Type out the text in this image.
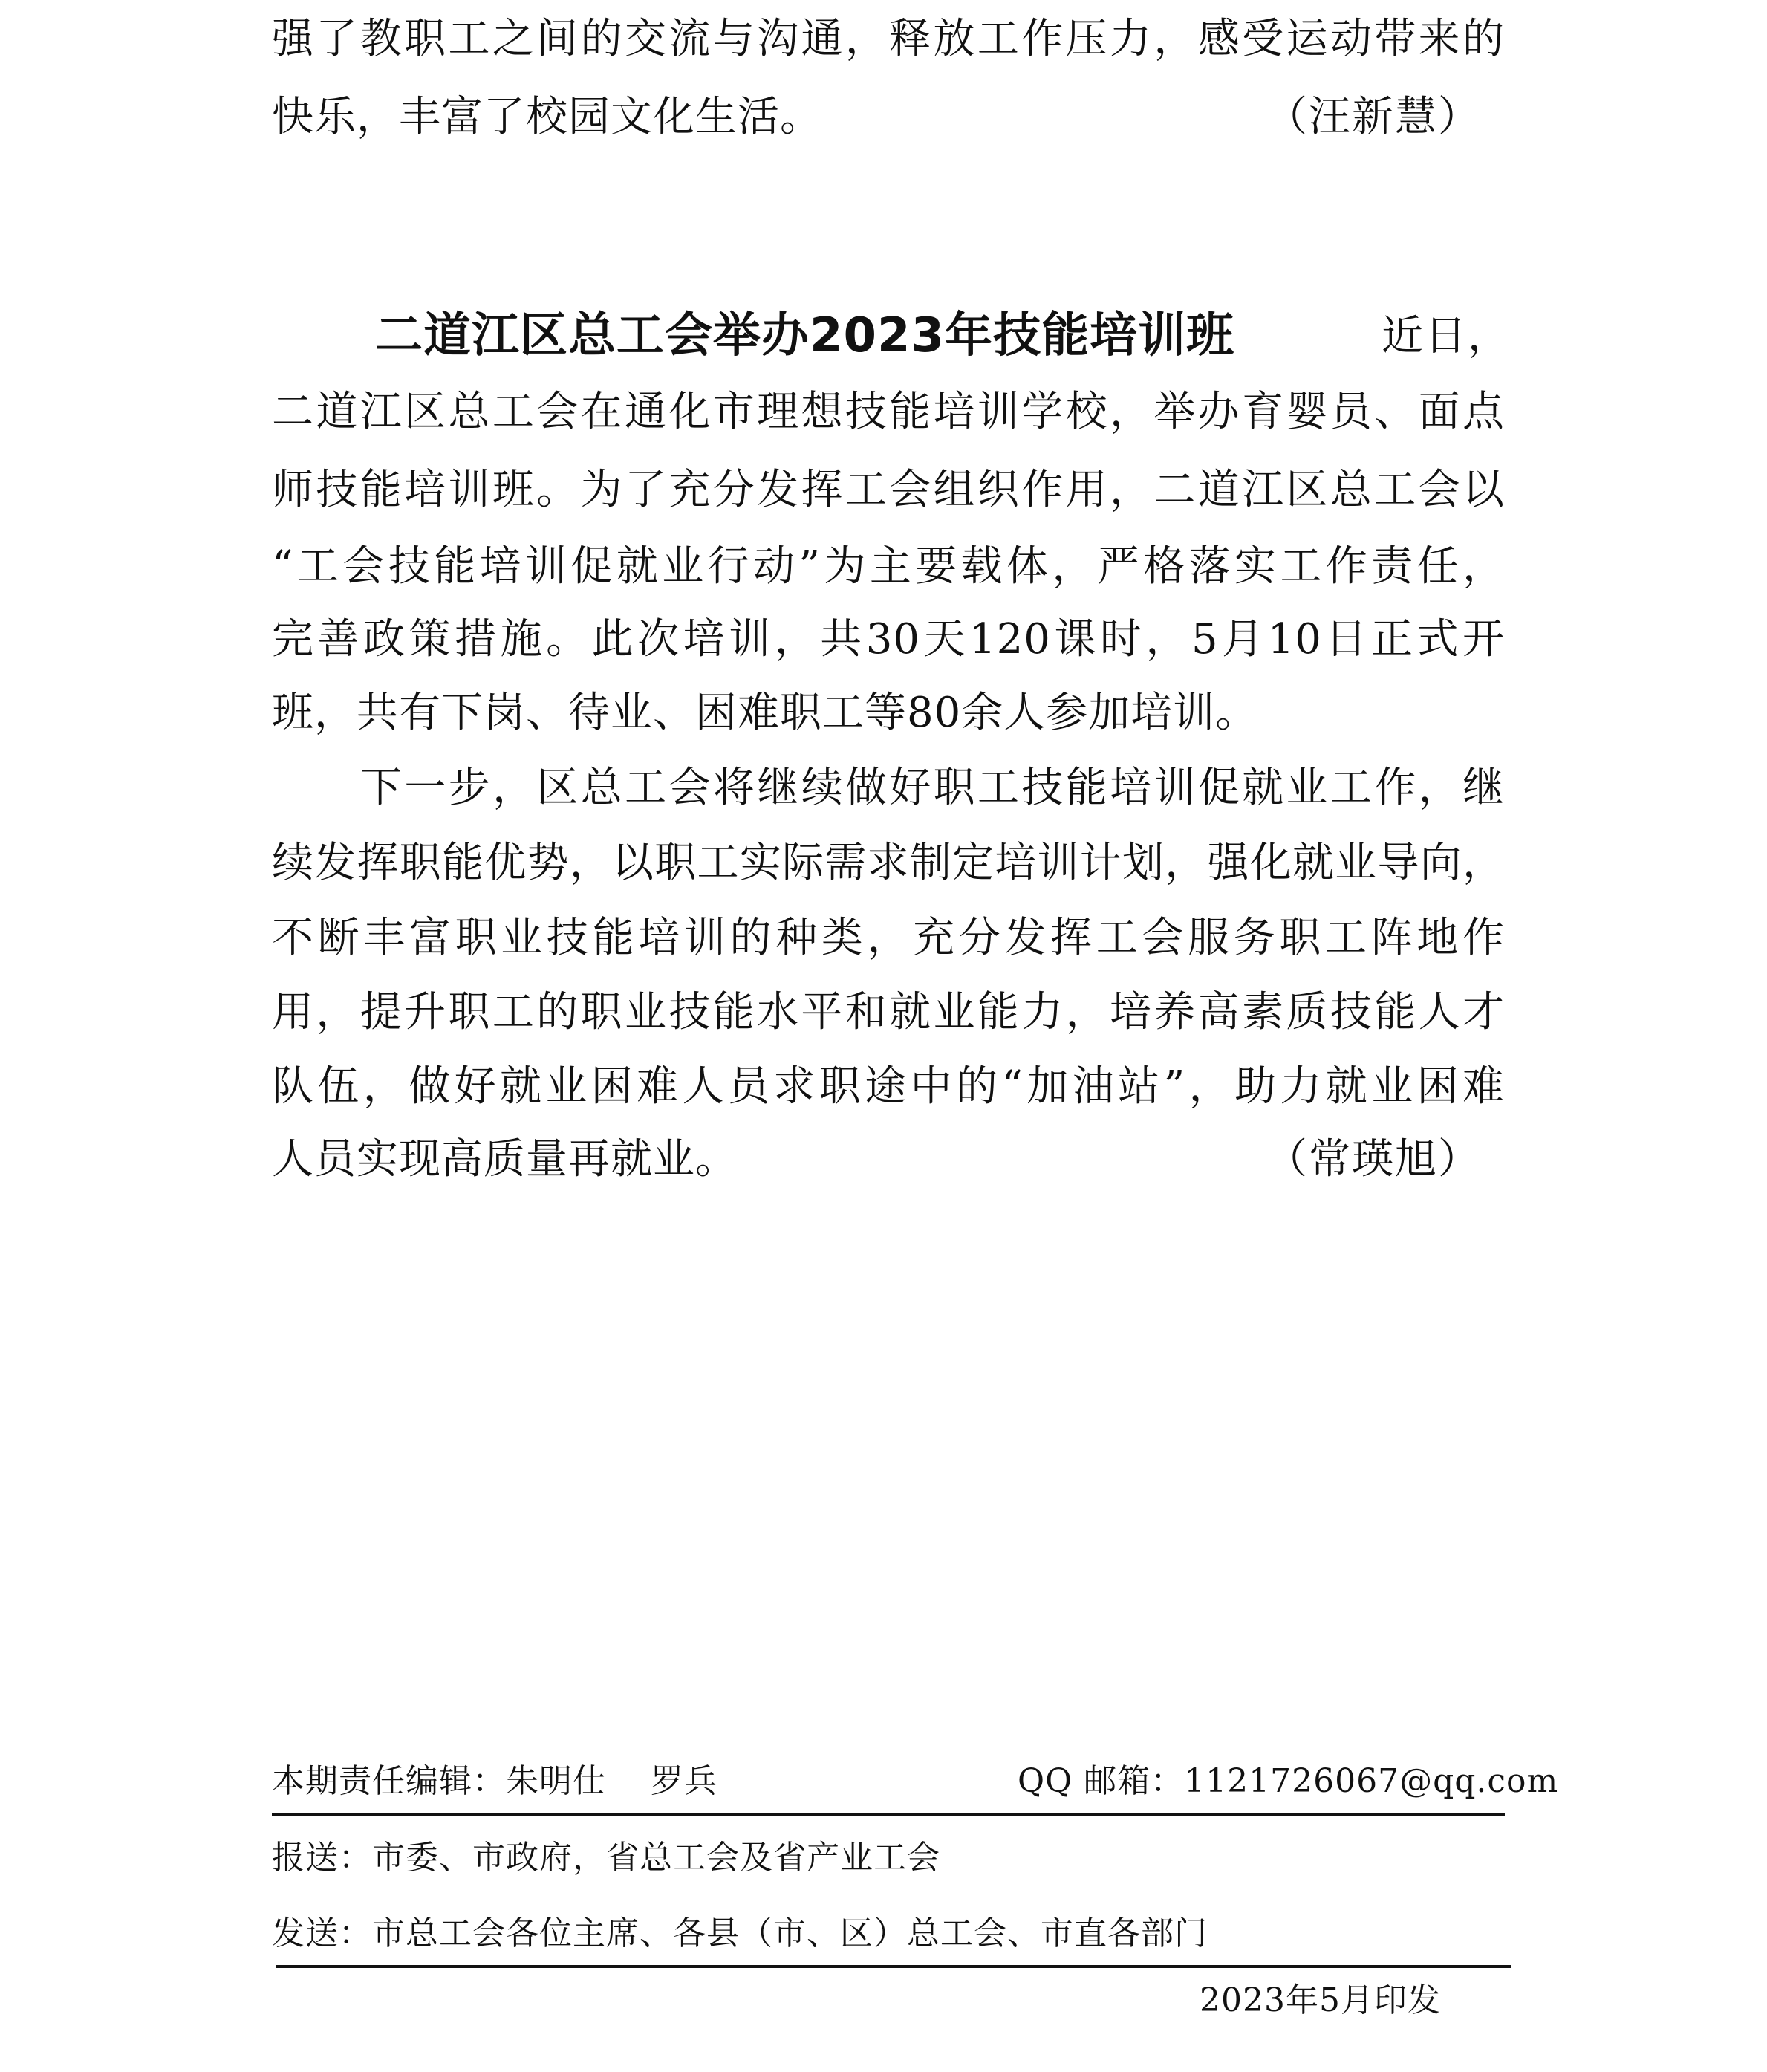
强了教职工之间的交流与沟通，释放工作压力，感受运动带来的
快乐，丰富了校园文化生活。	（汪新慧）
二道江区总工会举办2023年技能培训班	近日，
二道江区总工会在通化市理想技能培训学校，举办育婴员、面点
师技能培训班。为了充分发挥工会组织作用，二道江区总工会以
“工会技能培训促就业行动”为主要载体，严格落实工作责任，
完善政策措施。此次培训，共30天120课时，5月10日正式开
班，共有下岗、待业、困难职工等80余人参加培训。
下一步，区总工会将继续做好职工技能培训促就业工作，继
续发挥职能优势，以职工实际需求制定培训计划，强化就业导向，
不断丰富职业技能培训的种类，充分发挥工会服务职工阵地作
用，提升职工的职业技能水平和就业能力，培养高素质技能人才
队伍，做好就业困难人员求职途中的“加油站”，助力就业困难
人员实现高质量再就业。	（常瑛旭）
本期责任编辑：朱明仕　 罗兵	QQ 邮箱：1121726067@qq.com
报送：市委、市政府，省总工会及省产业工会
发送：市总工会各位主席、各县（市、区）总工会、市直各部门
2023年5月印发
